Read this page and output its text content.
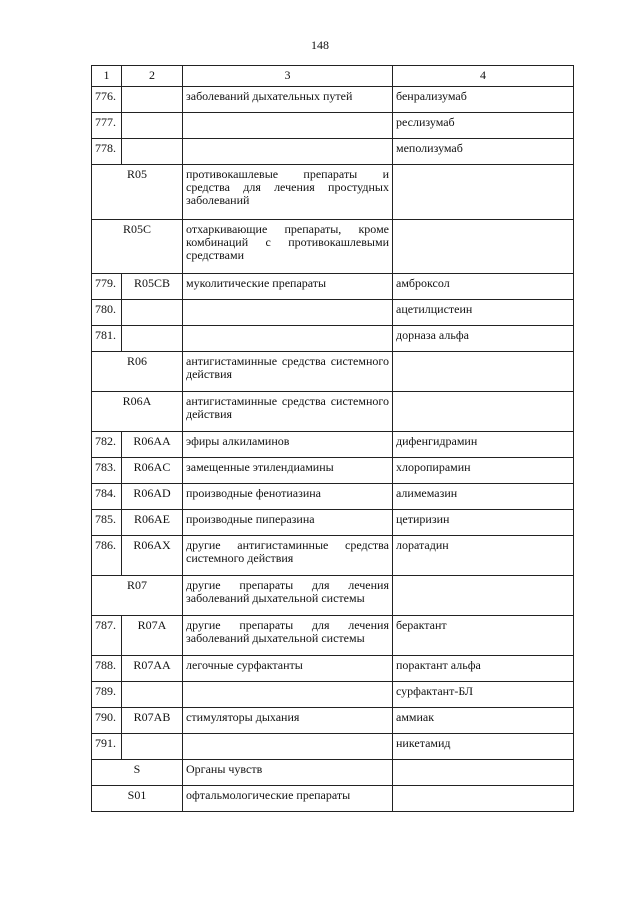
148
1	2	3	4
776.		заболеваний дыхательных путей	бенрализумаб
777.			реслизумаб
778.			меполизумаб
R05		противокашлевые препараты и средства для лечения простудных заболеваний	
R05C		отхаркивающие препараты, кроме комбинаций с противокашлевыми средствами	
779.	R05CB	муколитические препараты	амброксол
780.			ацетилцистеин
781.			дорназа альфа
R06		антигистаминные средства системного действия	
R06A		антигистаминные средства системного действия	
782.	R06AA	эфиры алкиламинов	дифенгидрамин
783.	R06AC	замещенные этилендиамины	хлоропирамин
784.	R06AD	производные фенотиазина	алимемазин
785.	R06AE	производные пиперазина	цетиризин
786.	R06AX	другие антигистаминные средства системного действия	лоратадин
R07		другие препараты для лечения заболеваний дыхательной системы	
787.	R07A	другие препараты для лечения заболеваний дыхательной системы	берактант
788.	R07AA	легочные сурфактанты	порактант альфа
789.			сурфактант-БЛ
790.	R07AB	стимуляторы дыхания	аммиак
791.			никетамид
S		Органы чувств	
S01		офтальмологические препараты	
